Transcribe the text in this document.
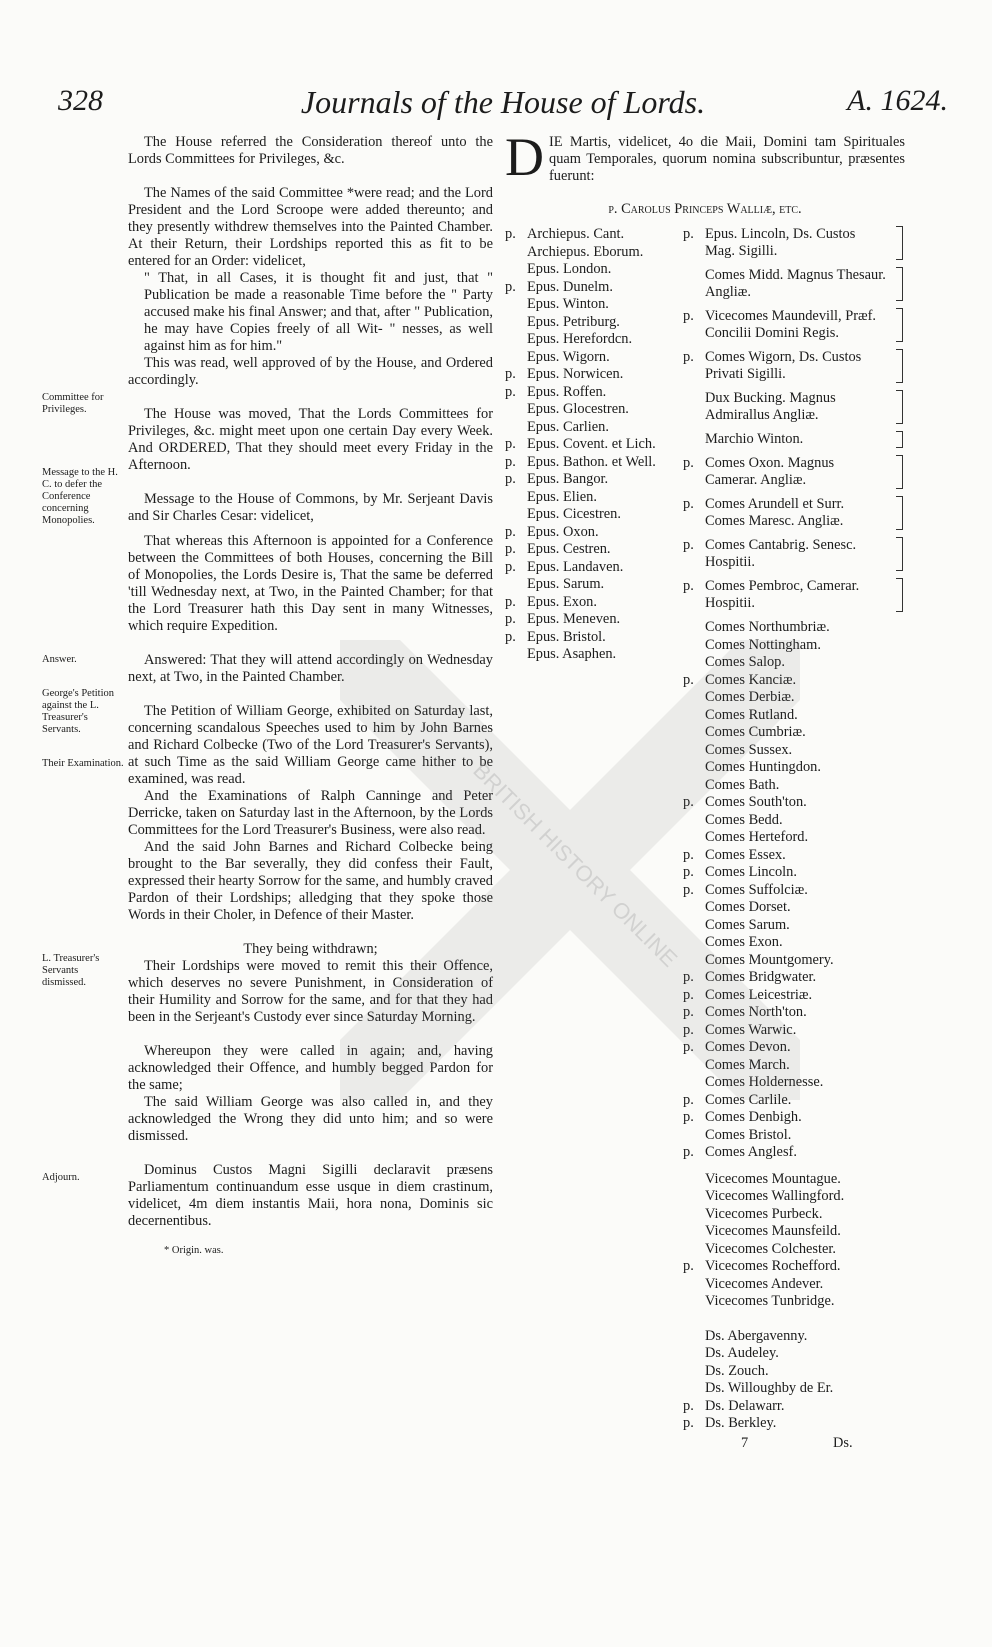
328	Journals of the House of Lords.	A. 1624.
Committee for Privileges.
Message to the H. C. to defer the Conference concerning Monopolies.
Answer.
George's Petition against the L. Treasurer's Servants.
Their Examination.
L. Treasurer's Servants dismissed.
Adjourn.

The House referred the Consideration thereof unto the Lords Committees for Privileges, &c.

The Names of the said Committee *were read; and the Lord President and the Lord Scroope were added thereunto; and they presently withdrew themselves into the Painted Chamber. At their Return, their Lordships reported this as fit to be entered for an Order: videlicet,

" That, in all Cases, it is thought fit and just, that " Publication be made a reasonable Time before the " Party accused make his final Answer; and that, after " Publication, he may have Copies freely of all Wit- " nesses, as well against him as for him."

This was read, well approved of by the House, and Ordered accordingly.

The House was moved, That the Lords Committees for Privileges, &c. might meet upon one certain Day every Week. And ORDERED, That they should meet every Friday in the Afternoon.

Message to the House of Commons, by Mr. Serjeant Davis and Sir Charles Cesar: videlicet,

That whereas this Afternoon is appointed for a Conference between the Committees of both Houses, concerning the Bill of Monopolies, the Lords Desire is, That the same be deferred 'till Wednesday next, at Two, in the Painted Chamber; for that the Lord Treasurer hath this Day sent in many Witnesses, which require Expedition.

Answered: That they will attend accordingly on Wednesday next, at Two, in the Painted Chamber.

The Petition of William George, exhibited on Saturday last, concerning scandalous Speeches used to him by John Barnes and Richard Colbecke (Two of the Lord Treasurer's Servants), at such Time as the said William George came hither to be examined, was read.

And the Examinations of Ralph Canninge and Peter Derricke, taken on Saturday last in the Afternoon, by the Lords Committees for the Lord Treasurer's Business, were also read.

And the said John Barnes and Richard Colbecke being brought to the Bar severally, they did confess their Fault, expressed their hearty Sorrow for the same, and humbly craved Pardon of their Lordships; alledging that they spoke those Words in their Choler, in Defence of their Master.

They being withdrawn;

Their Lordships were moved to remit this their Offence, which deserves no severe Punishment, in Consideration of their Humility and Sorrow for the same, and for that they had been in the Serjeant's Custody ever since Saturday Morning.

Whereupon they were called in again; and, having acknowledged their Offence, and humbly begged Pardon for the same;

The said William George was also called in, and they acknowledged the Wrong they did unto him; and so were dismissed.

Dominus Custos Magni Sigilli declaravit præsens Parliamentum continuandum esse usque in diem crastinum, videlicet, 4m diem instantis Maii, hora nona, Dominis sic decernentibus.

* Origin. was.
DIE Martis, videlicet, 4o die Maii, Domini tam Spirituales quam Temporales, quorum nomina subscribuntur, præsentes fuerunt:
p. Carolus Princeps Walliæ, etc.
p. Archiepus. Cant.
Archiepus. Eborum.
Epus. London.
p. Epus. Dunelm.
Epus. Winton.
Epus. Petriburg.
Epus. Herefordcn.
Epus. Wigorn.
p. Epus. Norwicen.
p. Epus. Roffen.
Epus. Glocestren.
Epus. Carlien.
p. Epus. Covent. et Lich.
p. Epus. Bathon. et Well.
p. Epus. Bangor.
Epus. Elien.
Epus. Cicestren.
p. Epus. Oxon.
p. Epus. Cestren.
p. Epus. Landaven.
Epus. Sarum.
p. Epus. Exon.
p. Epus. Meneven.
p. Epus. Bristol.
Epus. Asaphen.
p. Epus. Lincoln, Ds. Custos Mag. Sigilli.
Comes Midd. Magnus Thesaur. Angliæ.
p. Vicecomes Maundevill, Præf. Concilii Domini Regis.
p. Comes Wigorn, Ds. Custos Privati Sigilli.
Dux Bucking. Magnus Admirallus Angliæ.
Marchio Winton.
p. Comes Oxon. Magnus Camerar. Angliæ.
p. Comes Arundell et Surr. Comes Maresc. Angliæ.
p. Comes Cantabrig. Senesc. Hospitii.
p. Comes Pembroc, Camerar. Hospitii.
Comes Northumbriæ.
Comes Nottingham.
Comes Salop.
p. Comes Kanciæ.
Comes Derbiæ.
Comes Rutland.
Comes Cumbriæ.
Comes Sussex.
Comes Huntingdon.
Comes Bath.
p. Comes South'ton.
Comes Bedd.
Comes Herteford.
p. Comes Essex.
p. Comes Lincoln.
p. Comes Suffolciæ.
Comes Dorset.
Comes Sarum.
Comes Exon.
Comes Mountgomery.
p. Comes Bridgwater.
p. Comes Leicestriæ.
p. Comes North'ton.
p. Comes Warwic.
p. Comes Devon.
Comes March.
Comes Holdernesse.
p. Comes Carlile.
p. Comes Denbigh.
Comes Bristol.
p. Comes Anglesf.
Vicecomes Mountague.
Vicecomes Wallingford.
Vicecomes Purbeck.
Vicecomes Maunsfeild.
Vicecomes Colchester.
p. Vicecomes Rochefford.
Vicecomes Andever.
Vicecomes Tunbridge.
Ds. Abergavenny.
Ds. Audeley.
Ds. Zouch.
Ds. Willoughby de Er.
p. Ds. Delawarr.
p. Ds. Berkley.
7	Ds.
BRITISH HISTORY ONLINE
